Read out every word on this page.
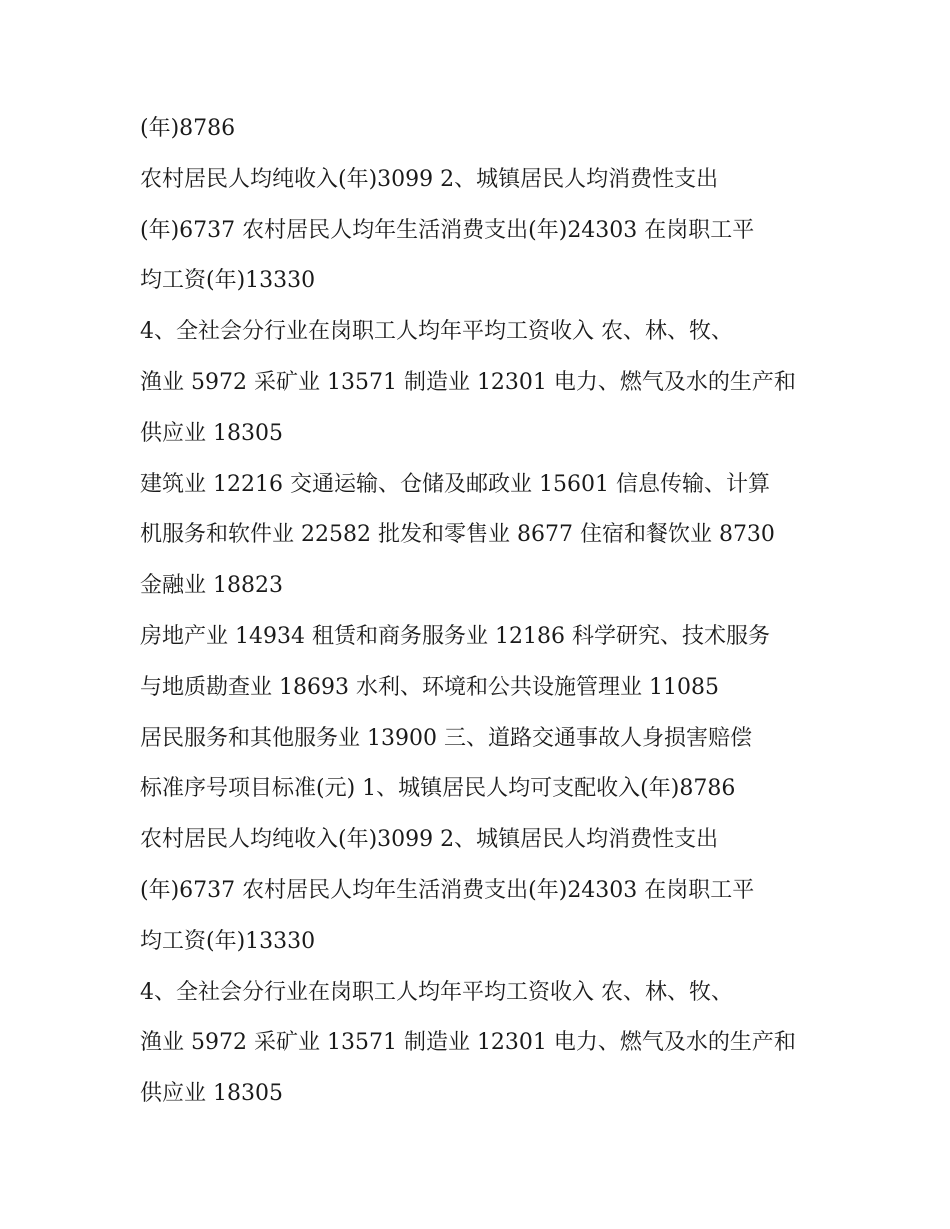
(年)8786
农村居民人均纯收入(年)3099 2、城镇居民人均消费性支出
(年)6737 农村居民人均年生活消费支出(年)24303 在岗职工平
均工资(年)13330
4、全社会分行业在岗职工人均年平均工资收入 农、林、牧、
渔业 5972 采矿业 13571 制造业 12301 电力、燃气及水的生产和
供应业 18305
建筑业 12216 交通运输、仓储及邮政业 15601 信息传输、计算
机服务和软件业 22582 批发和零售业 8677 住宿和餐饮业 8730
金融业 18823
房地产业 14934 租赁和商务服务业 12186 科学研究、技术服务
与地质勘查业 18693 水利、环境和公共设施管理业 11085
居民服务和其他服务业 13900 三、道路交通事故人身损害赔偿
标准序号项目标准(元) 1、城镇居民人均可支配收入(年)8786
农村居民人均纯收入(年)3099 2、城镇居民人均消费性支出
(年)6737 农村居民人均年生活消费支出(年)24303 在岗职工平
均工资(年)13330
4、全社会分行业在岗职工人均年平均工资收入 农、林、牧、
渔业 5972 采矿业 13571 制造业 12301 电力、燃气及水的生产和
供应业 18305
